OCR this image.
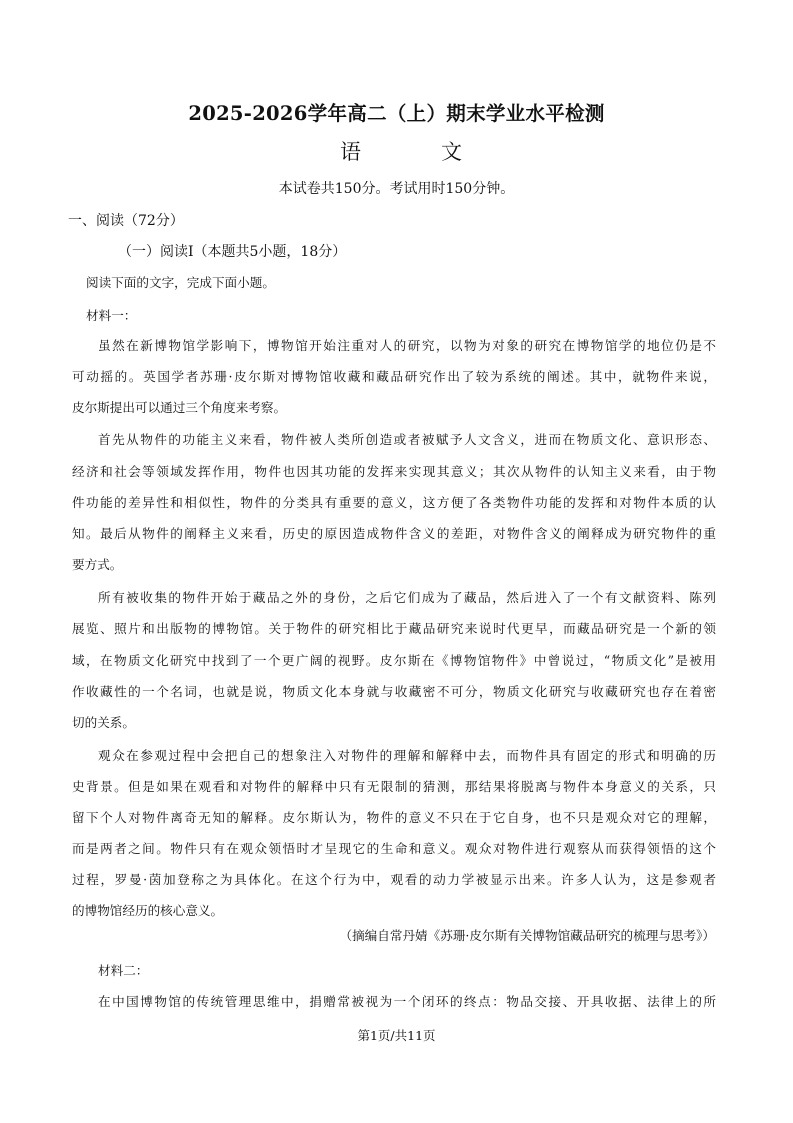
2025-2026学年高二（上）期末学业水平检测
语	文
本试卷共150分。考试用时150分钟。
一、阅读（72分）
（一）阅读Ⅰ（本题共5小题，18分）
阅读下面的文字，完成下面小题。
材料一：
虽然在新博物馆学影响下，博物馆开始注重对人的研究，以物为对象的研究在博物馆学的地位仍是不
可动摇的。英国学者苏珊·皮尔斯对博物馆收藏和藏品研究作出了较为系统的阐述。其中，就物件来说，
皮尔斯提出可以通过三个角度来考察。
首先从物件的功能主义来看，物件被人类所创造或者被赋予人文含义，进而在物质文化、意识形态、
经济和社会等领域发挥作用，物件也因其功能的发挥来实现其意义；其次从物件的认知主义来看，由于物
件功能的差异性和相似性，物件的分类具有重要的意义，这方便了各类物件功能的发挥和对物件本质的认
知。最后从物件的阐释主义来看，历史的原因造成物件含义的差距，对物件含义的阐释成为研究物件的重
要方式。
所有被收集的物件开始于藏品之外的身份，之后它们成为了藏品，然后进入了一个有文献资料、陈列
展览、照片和出版物的博物馆。关于物件的研究相比于藏品研究来说时代更早，而藏品研究是一个新的领
域，在物质文化研究中找到了一个更广阔的视野。皮尔斯在《博物馆物件》中曾说过，“物质文化”是被用
作收藏性的一个名词，也就是说，物质文化本身就与收藏密不可分，物质文化研究与收藏研究也存在着密
切的关系。
观众在参观过程中会把自己的想象注入对物件的理解和解释中去，而物件具有固定的形式和明确的历
史背景。但是如果在观看和对物件的解释中只有无限制的猜测，那结果将脱离与物件本身意义的关系，只
留下个人对物件离奇无知的解释。皮尔斯认为，物件的意义不只在于它自身，也不只是观众对它的理解，
而是两者之间。物件只有在观众领悟时才呈现它的生命和意义。观众对物件进行观察从而获得领悟的这个
过程，罗曼·茵加登称之为具体化。在这个行为中，观看的动力学被显示出来。许多人认为，这是参观者
的博物馆经历的核心意义。
（摘编自常丹婧《苏珊·皮尔斯有关博物馆藏品研究的梳理与思考》）
材料二：
在中国博物馆的传统管理思维中，捐赠常被视为一个闭环的终点：物品交接、开具收据、法律上的所
第1页/共11页
